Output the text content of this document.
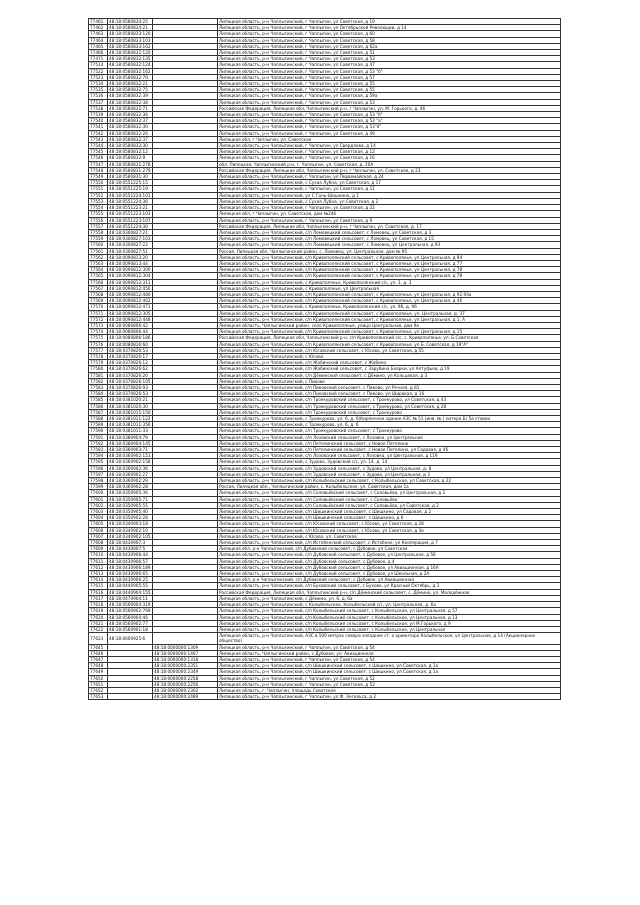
77461	48:18:0580834:25		Липецкая область, р-н Чаплыгинский, г Чаплыгин, ул Советская, д 19
77462	48:18:0580834:21		Липецкая область, р-н Чаплыгинский, г Чаплыгин, ул Октябрьской Революции, д 14
77463	48:18:0580833:120		Липецкая область, р-н Чаплыгинский, г Чаплыгин, ул Советская, д 60
77464	48:18:0580833:103		Липецкая область, р-н Чаплыгинский, г Чаплыгин, ул Советская, д 58
77465	48:18:0580833:162		Липецкая область, р-н Чаплыгинский, г Чаплыгин, ул Советская, д 62а
77466	48:18:0580832:120		Липецкая область, р-н Чаплыгинский, г Чаплыгин, ул Советская, д 51
77471	48:18:0580832:135		Липецкая область, р-н Чаплыгинский, г Чаплыгин, ул Советская, д 53
77514	48:18:0580832:124		Липецкая область, р-н Чаплыгинский, г Чаплыгин, ул Советская, д 47
77522	48:18:0580832:162		Липецкая область, р-н Чаплыгинский, г Чаплыгин, ул Советская, д 53 "б"
77523	48:18:0580832:70		Липецкая область, р-н Чаплыгинский, г Чаплыгин, ул Советская, д 57
77534	48:18:0580832:21		Липецкая область, р-н Чаплыгинский, г Чаплыгин, ул Советская, д 55
77535	48:18:0580832:75		Липецкая область, р-н Чаплыгинский, г Чаплыгин, ул Советская, д 55
77536	48:18:0580832:39		Липецкая область, р-н Чаплыгинский, г Чаплыгин, ул Советская, д 59а
77537	48:18:0580832:38		Липецкая область, р-н Чаплыгинский, г Чаплыгин, ул Советская, д 53
77538	48:18:0580832:71		Российская Федерация, Липецкая обл, Чаплыгинский р-н, г Чаплыгин, ул. М. Горького, д. 46
77539	48:18:0580832:36		Липецкая область, р-н Чаплыгинский, г Чаплыгин, ул Советская, д 53 "б"
77540	48:18:0580832:37		Липецкая область, р-н Чаплыгинский, г Чаплыгин, ул Советская, д 53 "а"
77541	48:18:0580832:30		Липецкая область, р-н Чаплыгинский, г Чаплыгин, ул Советская, д 53"4"
77542	48:18:0580832:26		Липецкая область, р-н Чаплыгинский, г Чаплыгин, ул Советская, д 49
77543	48:18:0580832:37		Липецкая обл, г Чаплыгин, ул. Советская
77544	48:18:0580832:30		Липецкая область, р-н Чаплыгинский, г Чаплыгин, ул Свердлова, д 14
77545	48:18:0580832:12		Липецкая область, р-н Чаплыгинский, г Чаплыгин, ул Советская, д 12
77546	48:18:0580832:9		Липецкая область, р-н Чаплыгинский, г Чаплыгин, ул Советская, д 16
77547	48:18:0580831:278		обл. Липецкая, Чаплыгинский р-н, г. Чаплыгин, ул. Советская, д. 20А
77548	48:18:0580831:279		Российская Федерация, Липецкая обл, Чаплыгинский р-н, г Чаплыгин, ул. Советская, д 23
77549	48:18:0580831:30		Липецкая область, р-н Чаплыгинский, г Чаплыгин, ул Первомайская, д 24
77550	48:18:0551225:15		Липецкая область, р-н Чаплыгинский, с Сухая Лубна, ул Советская, д 17
77551	48:18:0551225:19		Липецкая область, р-н Чаплыгинский, с Чаплыгин, ул Советская, д 11
77552	48:18:0551224:101		Липецкая область, р-н Чаплыгинский, ул С Гонь-Шишкино, д 1
77553	48:18:0551224:36		Липецкая область, р-н Чаплыгинский, с Сухая Лубна, ул Советская, д 2
77554	48:18:0551223:21		Липецкая область, р-н Чаплыгинский, г Чаплыгин, ул Советская, д 22
77555	48:18:0551223:103		Липецкая обл, г Чаплыгин, ул. Советская, дом №24б
77556	48:18:0551223:107		Липецкая область, р-н Чаплыгинский, г Чаплыгин, ул Советская, д 9
77557	48:18:0551224:30		Российская Федерация, Липецкая обл, Чаплыгинский р-н, г Чаплыгин, ул. Советская, д. 17
77558	48:18:0300827:21		Липецкая область, р-н Чаплыгинский, с/п Ломовецкий сельсовет, с Ломовец, ул Советская, д 3
77559	48:18:0300827:103		Липецкая область, р-н Чаплыгинский, с/п Ломовецкий сельсовет, с Ломовец, ул Советская, д 15
77560	48:18:0300827:22		Липецкая область, р-н Чаплыгинский, с/п Ломовецкий сельсовет, с Ломовец, ул Центральная, д 93
77561	48:18:0300827:51		Россия, Липецкая обл, Чаплыгинский район, с. Ломовец, ул. Центральная, дом № 95
77562	48:18:0090813:20		Липецкая область, р-н Чаплыгинский, с/п Кривополянский сельсовет, с Кривополянье, ул Центральная, д 94
77563	48:18:0090813:44		Липецкая область, р-н Чаплыгинский, с/п Кривополянский сельсовет, с Кривополянье, ул Центральная, д 77
77564	48:18:0090812:300		Липецкая область, р-н Чаплыгинский, с/п Кривополянский сельсовет, с Кривополянье, ул Центральная, д 78
77565	48:18:0090812:304		Липецкая область, р-н Чаплыгинский, с/п Кривополянский сельсовет, с Кривополянье, ул Центральная, д 78
77566	48:18:0090812:311		Липецкая область, р-н Чаплыгинский, с Кривополянье, Кривополянский с/с, ул. 3, д. 3
77567	48:18:0090812:450		Липецкая область, р-н Чаплыгинский, с Кривополянье, ул Центральная
77568	48:18:0090812:480		Липецкая область, р-н Чаплыгинский, с/п Кривополянский сельсовет, с Кривополянье, ул Центральная, д 92.93а
77569	48:18:0090812:462		Липецкая область, р-н Чаплыгинский, с/п Кривополянский сельсовет, с Кривополянье, ул Центральная, д 46
77570	48:18:0090812:471		Липецкая область, р-н Чаплыгинский, с Кривополянье, Кривополянский с/с, ул. 96, д. 96
77571	48:18:0090812:305		Липецкая область, р-н Чаплыгинский, с/п Кривополянский сельсовет, с Кривополянье, ул. Центральная, д. 37
77572	48:18:0090812:448		Липецкая область, р-н Чаплыгинский, с/п Кривополянский сельсовет, с Кривополянье, ул Центральная, д 1, А
77573	48:18:0080806:42		Липецкая область, Чаплыгинский район, село Кривополянье, улица Центральная, дом 9а
77574	48:18:0080806:44		Липецкая область, р-н Чаплыгинский, с/п Кривополянский сельсовет, с Кривополянье, ул Центральная, д 15
77575	48:18:0080806:186		Российская Федерация, Липецкая обл, Чаплыгинский р-н, с/п Кривополянский с/с, с. Кривополянье, ул. Б.Советская
77576	48:18:0080816:60		Липецкая область, р-н Чаплыгинский, с/п Кривополянский сельсовет, с Кривополянье, ул Б. Советская, д 19"А"
77577	48:18:0370826:53		Липецкая область, р-н Чаплыгинский, с/п Юсовский сельсовет, с Юсово, ул Советская, д 55
77578	48:18:0370826:17		Липецкая область, р-н Чаплыгинский, с Юсово
77579	48:18:0370826:12		Липецкая область, р-н Чаплыгинский, с/п Жабинский сельсовет, с Жабино
77580	48:18:0370826:62		Липецкая область, р-н Чаплыгинский, с/п Жабинский сельсовет, с Зарубина Боярки, ул Алтуфьев, д 19
77581	48:18:0370826:20		Липецкая область, р-н Чаплыгинский, с/п Дёминский сельсовет, с Дёмино, ул Кольцевая, д 3
77582	48:18:0370826:105		Липецкая область, р-н Чаплыгинский, с Пиково
77583	48:18:0370826:93		Липецкая область, р-н Чаплыгинский, с/п Пиковский сельсовет, с Пиково, ул Речная, д 81
77584	48:18:0370826:53		Липецкая область, р-н Чаплыгинский, с/п Пиковский сельсовет, с Пиково, ул Широкая, д 16
77585	48:18:0381020:21		Липецкая область, р-н Чаплыгинский, с/п Троекуровский сельсовет, с Троекурово, ул Советская, д 43
77586	48:18:0381020:30		Липецкая область, р-н Чаплыгинский, с/п Троекуровский сельсовет, с Троекурово, ул Советская, д 28
77587	48:18:0381015:150		Липецкая область, р-н Чаплыгинский, с/п Троекуровский сельсовет, с Троекурово
77588	48:18:0381011:122		Липецкая область, р-н Чаплыгинский, с Троекурово, ул. 6, д. 6(Кирпичное здание АЗС № 51 (инв. № ) литера Б) 5а ставки
77589	48:18:0381011:356		Липецкая область, р-н Чаплыгинский, с Троекурово, ул. 6, д. 6
77590	48:18:0381011:33		Липецкая область, р-н Чаплыгинский, с/п Троекуровский сельсовет, с Троекурово
77591	48:18:0380904:79		Липецкая область, р-н Чаплыгинский, с/п Лозовский сельсовет, с Лозовка, ул Центральная
77592	48:18:0380904:145		Липецкая область, р-н Чаплыгинский, с/п Петелинский сельсовет, с Новое Петелино
77593	48:18:0360903:71		Липецкая область, р-н Чаплыгинский, с/п Петелинский сельсовет, с Новое Петелино, ул Садовая, д 46
77594	48:18:0360902:151		Липецкая область, р-н Чаплыгинский, с/п Лозовский сельсовет, с Лозовка, ул Центральная, д 119
77595	48:18:0360902:158		Липецкая область, р-н Чаплыгинский, с Зудово, Зудовский с/с, ул. 14, д. 14
77596	48:18:0360902:36		Липецкая область, р-н Чаплыгинский, с/п Зудовский сельсовет, с Зудово, ул Центральная, д. 8
77597	48:18:0360902:27		Липецкая область, р-н Чаплыгинский, с/п Зудовский сельсовет, с Зудово, ул Центральная, д 3
77598	48:18:0360902:29		Липецкая область, р-н Чаплыгинский, с/п Колыбельский сельсовет, с Колыбельское, ул Советская, д 22
77599	48:18:0360902:28		Россия, Липецкая обл., Чаплыгинский район, с. Колыбельское, ул. Советская, дом 1а
77600	48:18:0350905:36		Липецкая область, р-н Чаплыгинский, с/п Соловьёвский сельсовет, с Соловьёво, ул Центральная, д 2
77601	48:18:0350905:71		Липецкая область, р-н Чаплыгинский, с/п Соловьёвский сельсовет, с Соловьёво
77602	48:18:0350905:55		Липецкая область, р-н Чаплыгинский, с/п Соловьёвский сельсовет, с Соловьёво, ул Советская, д 2
77603	48:18:0350905:40		Липецкая область, р-н Чаплыгинский, с/п Шишкинский сельсовет, с Шишкино, ул Садовая, д 2
77604	48:18:0350902:28		Липецкая область, р-н Чаплыгинский, с/п Шишкинский сельсовет, с Шишкино, д 6
77605	48:18:0340903:18		Липецкая область, р-н Чаплыгинский, с/п Юсовский сельсовет, с Юсово, ул Советская, д 28
77606	48:18:0340902:10		Липецкая область, р-н Чаплыгинский, с/п Юсовский сельсовет, с Юсово, ул Советская, д 3а
77607	48:18:0340902:105		Липецкая область, р-н Чаплыгинский, с Юсово, ул. Советская
77608	48:18:0430907:3		Липецкая область, р-н Чаплыгинский, с/п Истобенский сельсовет, с Истобное, ул Кооперация, д 7
77609	48:18:0430907:5		Липецкая обл, р-н Чаплыгинский, с/п Дубовский сельсовет, с Дубовое, ул Советская
77610	48:18:0430906:44		Липецкая область, р-н Чаплыгинский, с/п Дубовский сельсовет, с Дубовое, ул Центральная, д 56
77611	48:18:0430906:57		Липецкая область, р-н Чаплыгинский, с/п Дубовский сельсовет, с Дубовое, д 4
77612	48:18:0430906:189		Липецкая область, р-н Чаплыгинский, с/п Дубовский сельсовет, с Дубовое, ул Авиационная, д 16А
77613	48:18:0430906:65		Липецкая область, р-н Чаплыгинский, с/п Дубовский сельсовет, с Дубовое, ул Школьная, д 2А
77614	48:18:0430906:25		Липецкая обл, р-н Чаплыгинский, с/п Дубовский сельсовет, с Дубовое, ул Авиационная
77615	48:18:0440905:55		Липецкая область, р-н Чаплыгинский, с/п Буховский сельсовет, с Бухово, ул Красный Октябрь, д 1
77616	48:18:0440904:155		Российская Федерация, Липецкая обл, Чаплыгинский р-н, с/п Дёминский сельсовет, с. Дёмино, ул. Молодёжная
77617	48:18:0470904:11		Липецкая область, р-н Чаплыгинский, с Дёмино, ул. 6, д. 6а
77618	48:18:0560904:319		Липецкая область, р-н Чаплыгинский, с Колыбельское, Колыбельский с/с, ул. Центральная, д. 6а
77619	48:18:0560902:769		Липецкая область, р-н Чаплыгинский, с/п Колыбельский сельсовет, с Колыбельское, ул Центральная, д 57
77620	48:18:0560904:46		Липецкая область, р-н Чаплыгинский, с/п Колыбельский сельсовет, с Колыбельское, ул Центральная, д 13
77621	48:18:0560902:77		Липецкая область, р-н Чаплыгинский, с/п Колыбельский сельсовет, с Колыбельское, ул М.Горького, д 9
77622	48:18:0560901:18		Липецкая область, р-н Чаплыгинский, с/п Колыбельский сельсовет, с Колыбельское, ул Центральная
77623	48:18:0600925:6		Липецкая область, р-н Чаплыгинский, АЗС в 500 метрах северо-западнее ст. о ориентира Колыбельское, ул Центральная, д 14 (Акционерное общество)
77645		48:18:0000000:1309	Липецкая область, р-н Чаплыгинский, г Чаплыгин, ул Советская, д 54
77646		48:18:0000000:1467	Липецкая область, Чаплыгинский район, с Дубовое, ул. Авиационная
77647		48:18:0000000:1318	Липецкая область, р-н Чаплыгинский, г Чаплыгин, ул Советская, д 54
77648		48:18:0000000:2351	Липецкая область, р-н Чаплыгинский, с/п Шишкинский сельсовет, с Шишкино, ул Советская, д 1а
77649		48:18:0000000:2349	Липецкая область, р-н Чаплыгинский, с/п Шишкинский сельсовет, с Шишкино, ул Советская, д 1а
77650		48:18:0000000:2258	Липецкая область, р-н Чаплыгинский, г Чаплыгин, ул Советская, д 52
77651		48:18:0000000:2256	Липецкая область, р-н Чаплыгинский, г Чаплыгин, ул Советская, д 53
77652		48:18:0000000:2302	Липецкая область, г. Чаплыгин, площадь Советская
77653		48:18:0000000:2489	Липецкая область, р-н Чаплыгинский, г Чаплыгин, ул Ф. Энгельса, д 2
